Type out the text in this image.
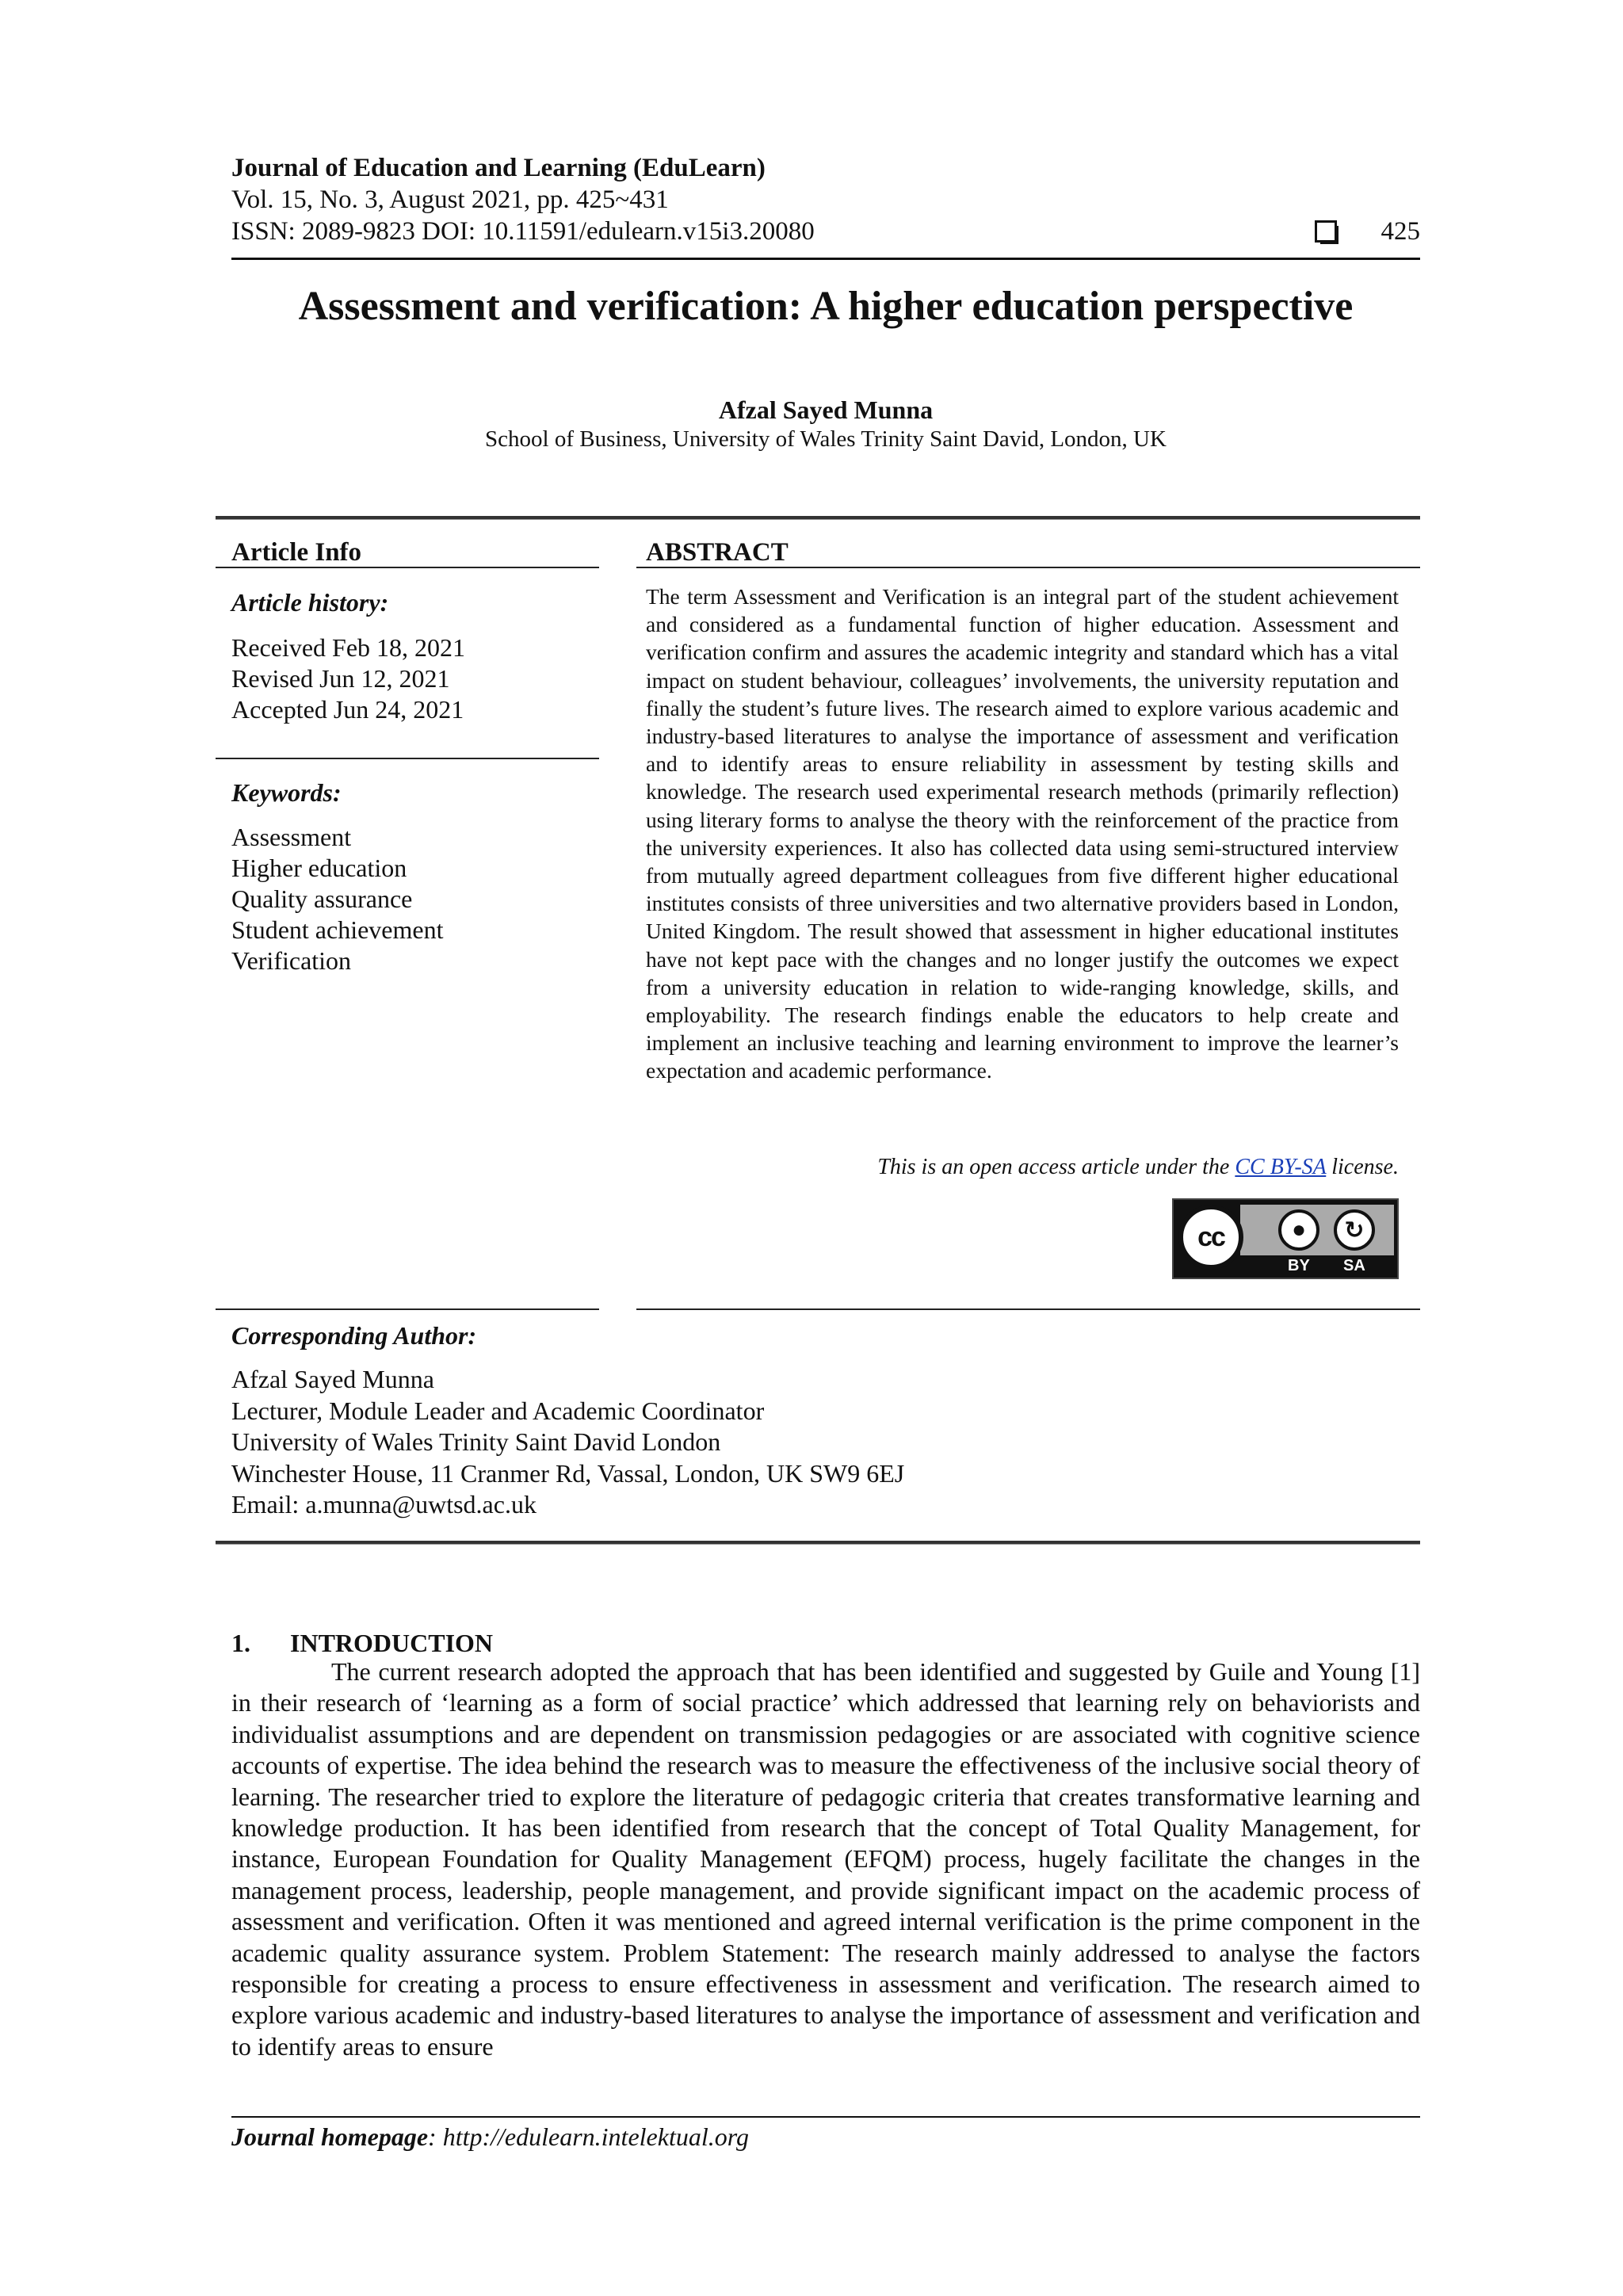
Journal of Education and Learning (EduLearn)
Vol. 15, No. 3, August 2021, pp. 425~431
ISSN: 2089-9823 DOI: 10.11591/edulearn.v15i3.20080	425
Assessment and verification: A higher education perspective
Afzal Sayed Munna
School of Business, University of Wales Trinity Saint David, London, UK
Article Info	ABSTRACT
Article history:
Received Feb 18, 2021
Revised Jun 12, 2021
Accepted Jun 24, 2021
Keywords:
Assessment
Higher education
Quality assurance
Student achievement
Verification
The term Assessment and Verification is an integral part of the student achievement and considered as a fundamental function of higher education. Assessment and verification confirm and assures the academic integrity and standard which has a vital impact on student behaviour, colleagues’ involvements, the university reputation and finally the student’s future lives. The research aimed to explore various academic and industry-based literatures to analyse the importance of assessment and verification and to identify areas to ensure reliability in assessment by testing skills and knowledge. The research used experimental research methods (primarily reflection) using literary forms to analyse the theory with the reinforcement of the practice from the university experiences. It also has collected data using semi-structured interview from mutually agreed department colleagues from five different higher educational institutes consists of three universities and two alternative providers based in London, United Kingdom. The result showed that assessment in higher educational institutes have not kept pace with the changes and no longer justify the outcomes we expect from a university education in relation to wide-ranging knowledge, skills, and employability. The research findings enable the educators to help create and implement an inclusive teaching and learning environment to improve the learner’s expectation and academic performance.
This is an open access article under the CC BY-SA license.
cc	●	↻
BY SA
Corresponding Author:
Afzal Sayed Munna
Lecturer, Module Leader and Academic Coordinator
University of Wales Trinity Saint David London
Winchester House, 11 Cranmer Rd, Vassal, London, UK SW9 6EJ
Email: a.munna@uwtsd.ac.uk
1. INTRODUCTION
The current research adopted the approach that has been identified and suggested by Guile and Young [1] in their research of ‘learning as a form of social practice’ which addressed that learning rely on behaviorists and individualist assumptions and are dependent on transmission pedagogies or are associated with cognitive science accounts of expertise. The idea behind the research was to measure the effectiveness of the inclusive social theory of learning. The researcher tried to explore the literature of pedagogic criteria that creates transformative learning and knowledge production. It has been identified from research that the concept of Total Quality Management, for instance, European Foundation for Quality Management (EFQM) process, hugely facilitate the changes in the management process, leadership, people management, and provide significant impact on the academic process of assessment and verification. Often it was mentioned and agreed internal verification is the prime component in the academic quality assurance system. Problem Statement: The research mainly addressed to analyse the factors responsible for creating a process to ensure effectiveness in assessment and verification. The research aimed to explore various academic and industry-based literatures to analyse the importance of assessment and verification and to identify areas to ensure
Journal homepage: http://edulearn.intelektual.org
